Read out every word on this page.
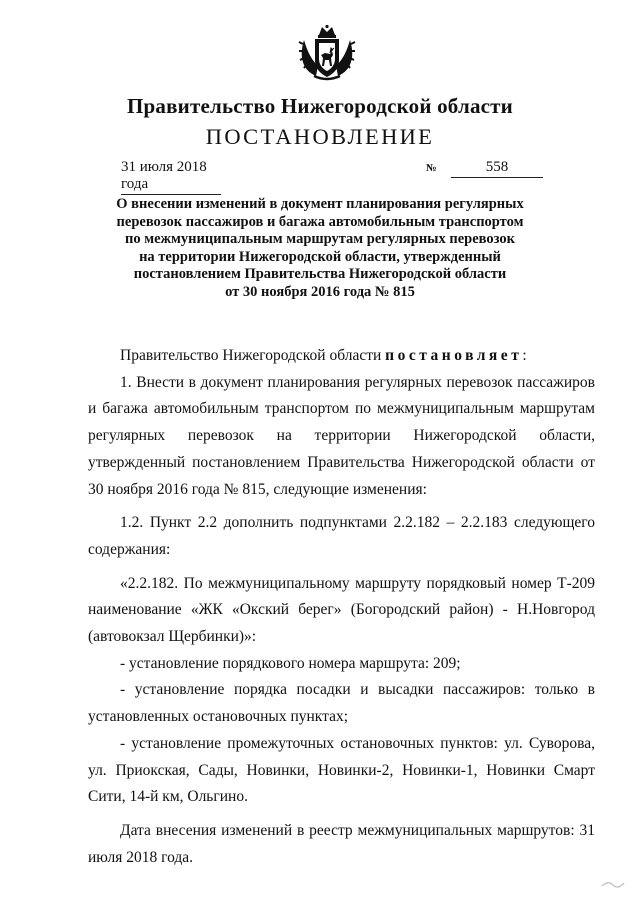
Правительство Нижегородской области
ПОСТАНОВЛЕНИЕ
31 июля 2018 года
№	558
О внесении изменений в документ планирования регулярных
перевозок пассажиров и багажа автомобильным транспортом
по межмуниципальным маршрутам регулярных перевозок
на территории Нижегородской области, утвержденный
постановлением Правительства Нижегородской области
от 30 ноября 2016 года № 815

Правительство Нижегородской области постановляет:

1. Внести в документ планирования регулярных перевозок пассажиров и багажа автомобильным транспортом по межмуниципальным маршрутам регулярных перевозок на территории Нижегородской области, утвержденный постановлением Правительства Нижегородской области от 30 ноября 2016 года № 815, следующие изменения:

1.2. Пункт 2.2 дополнить подпунктами 2.2.182 – 2.2.183 следующего содержания:

«2.2.182. По межмуниципальному маршруту порядковый номер Т-209 наименование «ЖК «Окский берег» (Богородский район) - Н.Новгород (автовокзал Щербинки)»:

- установление порядкового номера маршрута: 209;

- установление порядка посадки и высадки пассажиров: только в установленных остановочных пунктах;

- установление промежуточных остановочных пунктов: ул. Суворова, ул. Приокская, Сады, Новинки, Новинки-2, Новинки-1, Новинки Смарт Сити, 14-й км, Ольгино.

Дата внесения изменений в реестр межмуниципальных маршрутов: 31 июля 2018 года.
